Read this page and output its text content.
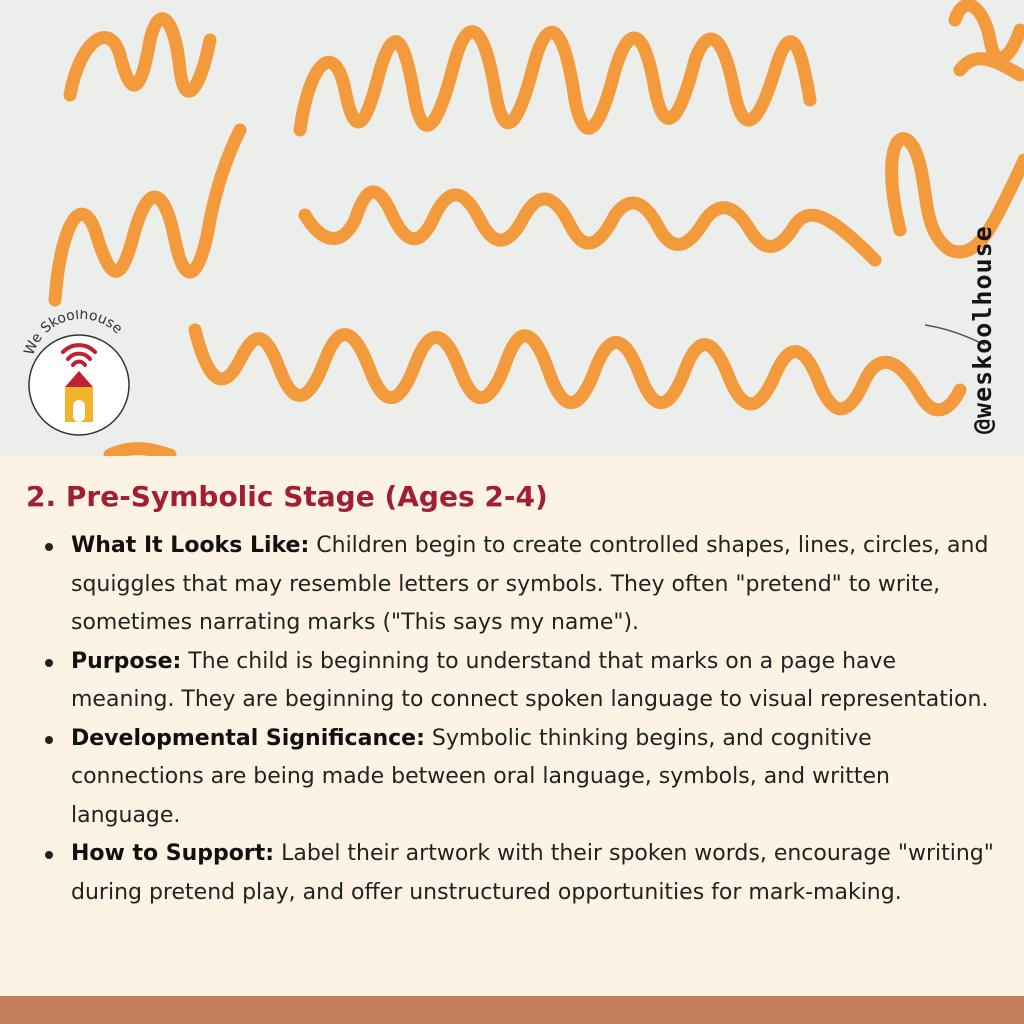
We Skoolhouse	@weskoolhouse
2. Pre-Symbolic Stage (Ages 2-4)
What It Looks Like: Children begin to create controlled shapes, lines, circles, and squiggles that may resemble letters or symbols. They often "pretend" to write, sometimes narrating marks ("This says my name").
Purpose: The child is beginning to understand that marks on a page have meaning. They are beginning to connect spoken language to visual representation.
Developmental Significance: Symbolic thinking begins, and cognitive connections are being made between oral language, symbols, and written language.
How to Support: Label their artwork with their spoken words, encourage "writing" during pretend play, and offer unstructured opportunities for mark-making.
